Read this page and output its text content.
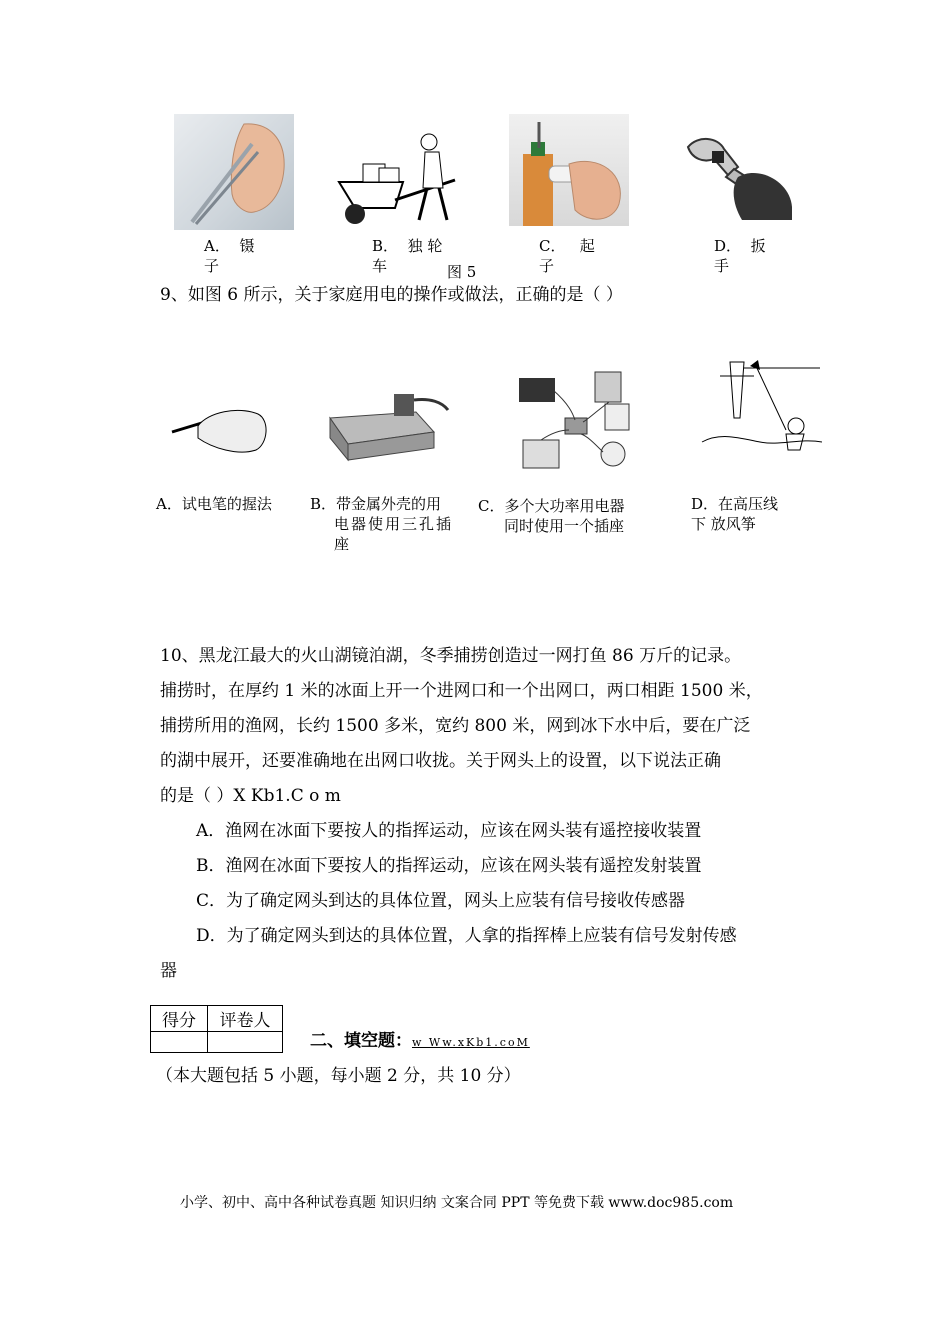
A． 镊
子
B． 独 轮
车	图 5
C． 起
子
D． 扳
手
9、如图 6 所示，关于家庭用电的操作或做法，正确的是（ ）
A．试电笔的握法	B．带金属外壳的用
电器使用三孔插
座
C．多个大功率用电器
同时使用一个插座
D．在高压线
下 放风筝
10、黑龙江最大的火山湖镜泊湖，冬季捕捞创造过一网打鱼 86 万斤的记录。
捕捞时，在厚约 1 米的冰面上开一个进网口和一个出网口，两口相距 1500 米，
捕捞所用的渔网，长约 1500 多米，宽约 800 米，网到冰下水中后，要在广泛
的湖中展开，还要准确地在出网口收拢。关于网头上的设置，以下说法正确
的是（ ）X Kb1.C o m
A．渔网在冰面下要按人的指挥运动，应该在网头装有遥控接收装置
B．渔网在冰面下要按人的指挥运动，应该在网头装有遥控发射装置
C．为了确定网头到达的具体位置，网头上应装有信号接收传感器
D．为了确定网头到达的具体位置，人拿的指挥棒上应装有信号发射传感
器
得分	评卷人

二、填空题：w Ww.xKb1.coM
（本大题包括 5 小题，每小题 2 分，共 10 分）
小学、初中、高中各种试卷真题 知识归纳 文案合同 PPT 等免费下载 www.doc985.com
